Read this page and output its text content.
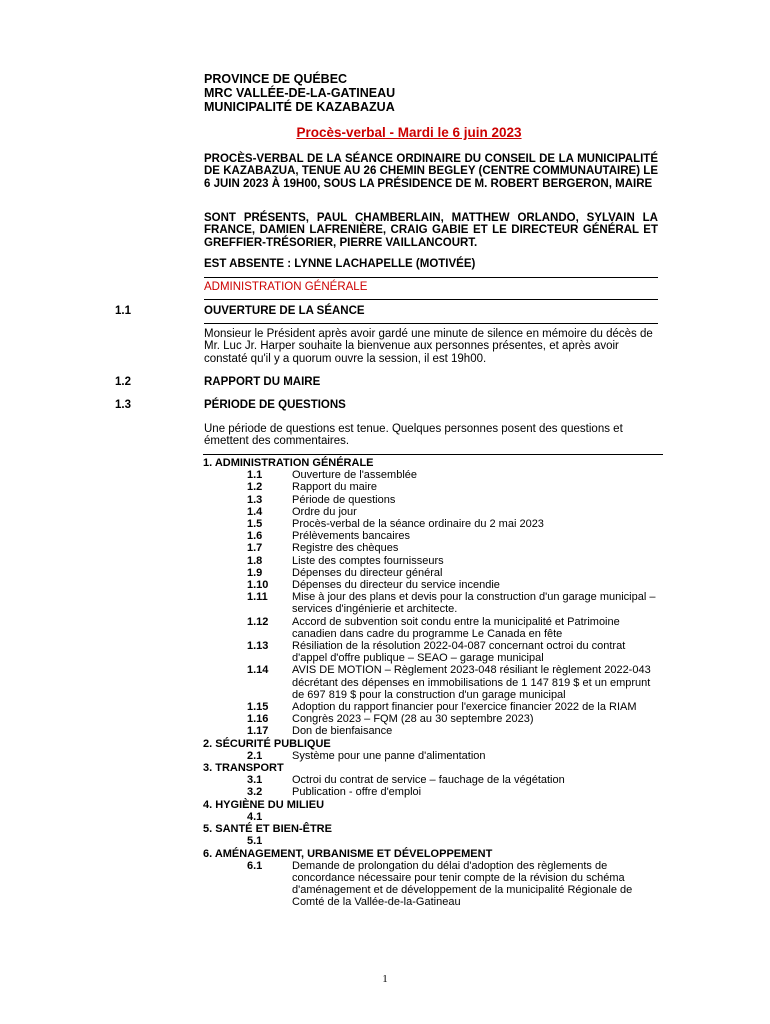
PROVINCE DE QUÉBEC
MRC VALLÉE-DE-LA-GATINEAU
MUNICIPALITÉ DE KAZABAZUA
Procès-verbal - Mardi le 6 juin 2023
PROCÈS-VERBAL DE LA SÉANCE ORDINAIRE DU CONSEIL DE LA MUNICIPALITÉ DE KAZABAZUA, TENUE AU 26 CHEMIN BEGLEY (CENTRE COMMUNAUTAIRE) LE 6 JUIN 2023 À 19H00, SOUS LA PRÉSIDENCE DE M. ROBERT BERGERON, MAIRE
SONT PRÉSENTS, PAUL CHAMBERLAIN, MATTHEW ORLANDO, SYLVAIN LA FRANCE, DAMIEN LAFRENIÈRE, CRAIG GABIE ET LE DIRECTEUR GÉNÉRAL ET GREFFIER-TRÉSORIER, PIERRE VAILLANCOURT.
EST ABSENTE : LYNNE LACHAPELLE (MOTIVÉE)
ADMINISTRATION GÉNÉRALE
1.1	OUVERTURE DE LA SÉANCE
Monsieur le Président après avoir gardé une minute de silence en mémoire du décès de Mr. Luc Jr. Harper souhaite la bienvenue aux personnes présentes, et après avoir constaté qu'il y a quorum ouvre la session, il est 19h00.
1.2	RAPPORT DU MAIRE
1.3	PÉRIODE DE QUESTIONS
Une période de questions est tenue. Quelques personnes posent des questions et émettent des commentaires.
1. ADMINISTRATION GÉNÉRALE
1.1	Ouverture de l'assemblée
1.2	Rapport du maire
1.3	Période de questions
1.4	Ordre du jour
1.5	Procès-verbal de la séance ordinaire du 2 mai 2023
1.6	Prélèvements bancaires
1.7	Registre des chèques
1.8	Liste des comptes fournisseurs
1.9	Dépenses du directeur général
1.10	Dépenses du directeur du service incendie
1.11	Mise à jour des plans et devis pour la construction d'un garage municipal – services d'ingénierie et architecte.
1.12	Accord de subvention soit condu entre la municipalité et Patrimoine canadien dans cadre du programme Le Canada en fête
1.13	Résiliation de la résolution 2022-04-087 concernant octroi du contrat d'appel d'offre publique – SEAO – garage municipal
1.14	AVIS DE MOTION – Règlement 2023-048 résiliant le règlement 2022-043 décrétant des dépenses en immobilisations de 1 147 819 $ et un emprunt de 697 819 $ pour la construction d'un garage municipal
1.15	Adoption du rapport financier pour l'exercice financier 2022 de la RIAM
1.16	Congrès 2023 – FQM (28 au 30 septembre 2023)
1.17	Don de bienfaisance
2. SÉCURITÉ PUBLIQUE
2.1	Système pour une panne d'alimentation
3. TRANSPORT
3.1	Octroi du contrat de service – fauchage de la végétation
3.2	Publication - offre d'emploi
4. HYGIÈNE DU MILIEU
4.1
5. SANTÉ ET BIEN-ÊTRE
5.1
6. AMÉNAGEMENT, URBANISME ET DÉVELOPPEMENT
6.1	Demande de prolongation du délai d'adoption des règlements de concordance nécessaire pour tenir compte de la révision du schéma d'aménagement et de développement de la municipalité Régionale de Comté de la Vallée-de-la-Gatineau
1
